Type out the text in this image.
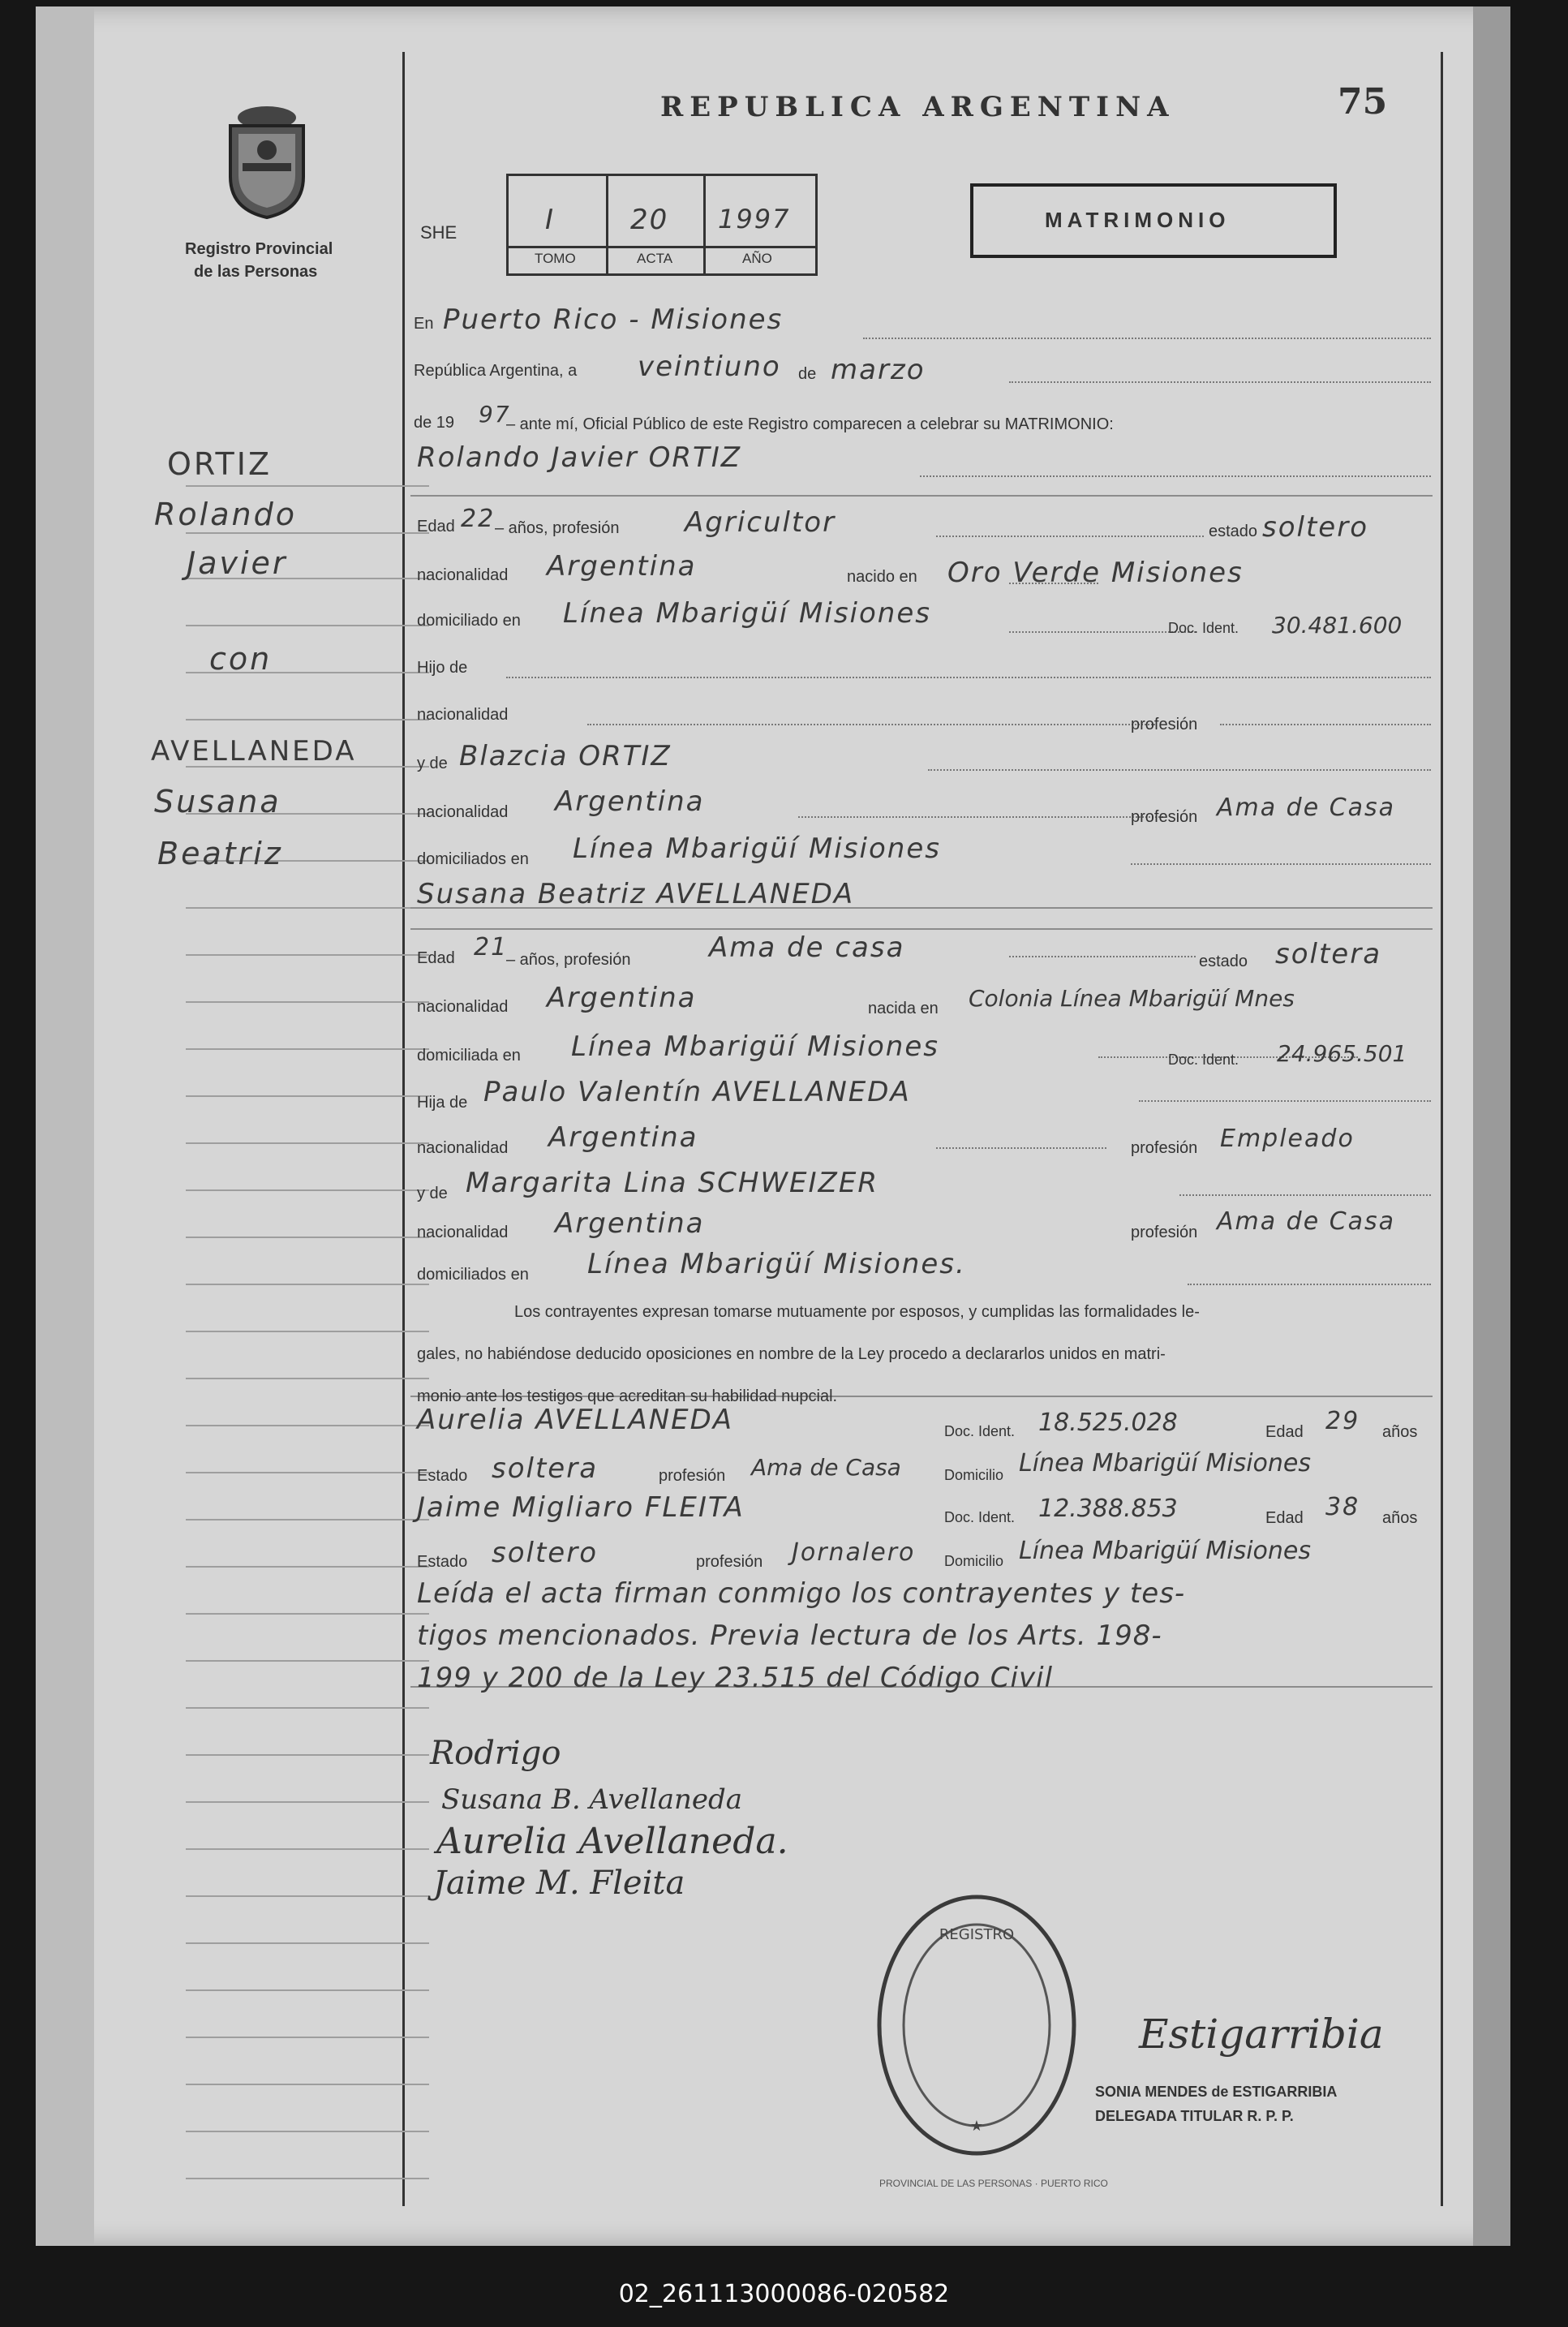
Registro Provincial
de las Personas
REPUBLICA ARGENTINA	75
SHE	I	20 1997
TOMO	ACTA	AÑO
MATRIMONIO
ORTIZ
Rolando
Javier
con
AVELLANEDA
Susana
Beatriz
En Puerto Rico - Misiones
República Argentina, a veintiuno de marzo
de 19 97
– ante mí, Oficial Público de este Registro comparecen a celebrar su MATRIMONIO:
Rolando Javier ORTIZ
Edad 22 – años, profesión Agricultor	estado soltero
nacionalidad Argentina	nacido en Oro Verde Misiones
domiciliado en Línea Mbarigüí Misiones	Doc. Ident. 30.481.600
Hijo de
nacionalidad
profesión
y de Blazcia ORTIZ
nacionalidad Argentina	profesión Ama de Casa
domiciliados en Línea Mbarigüí Misiones
Susana Beatriz AVELLANEDA
Edad 21
– años, profesión	Ama de casa	estado soltera
nacionalidad Argentina	nacida en Colonia Línea Mbarigüí Mnes
domiciliada en Línea Mbarigüí Misiones	Doc. Ident. 24.965.501
Hija de Paulo Valentín AVELLANEDA
nacionalidad Argentina	profesión Empleado
y de Margarita Lina SCHWEIZER
nacionalidad Argentina	profesión Ama de Casa
domiciliados en Línea Mbarigüí Misiones.
Los contrayentes expresan tomarse mutuamente por esposos, y cumplidas las formalidades le-
gales, no habiéndose deducido oposiciones en nombre de la Ley procedo a declararlos unidos en matri-
monio ante los testigos que acreditan su habilidad nupcial.
Aurelia AVELLANEDA	Doc. Ident. 18.525.028	Edad 29 años
Estado soltera	profesión Ama de Casa	Domicilio Línea Mbarigüí Misiones
Jaime Migliaro FLEITA	Doc. Ident. 12.388.853	Edad 38 años
Estado soltero	profesión Jornalero Domicilio Línea Mbarigüí Misiones
Leída el acta firman conmigo los contrayentes y tes-
tigos mencionados. Previa lectura de los Arts. 198-
199 y 200 de la Ley 23.515 del Código Civil
Rodrigo
Susana B. Avellaneda
Aurelia Avellaneda.
Jaime M. Fleita
REGISTRO
★
PROVINCIAL DE LAS PERSONAS · PUERTO RICO
Estigarribia
SONIA MENDES de ESTIGARRIBIA
DELEGADA TITULAR R. P. P.
02_261113000086-020582
